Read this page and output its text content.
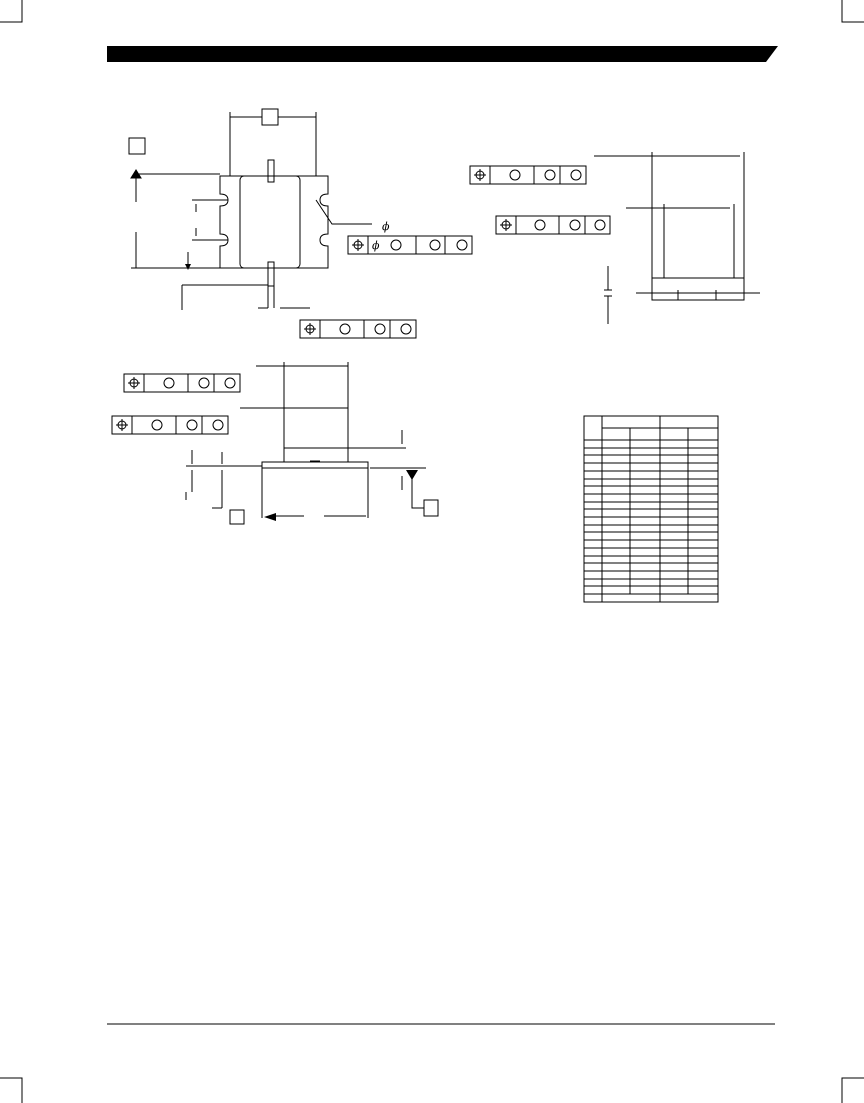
ϕ
ϕ
